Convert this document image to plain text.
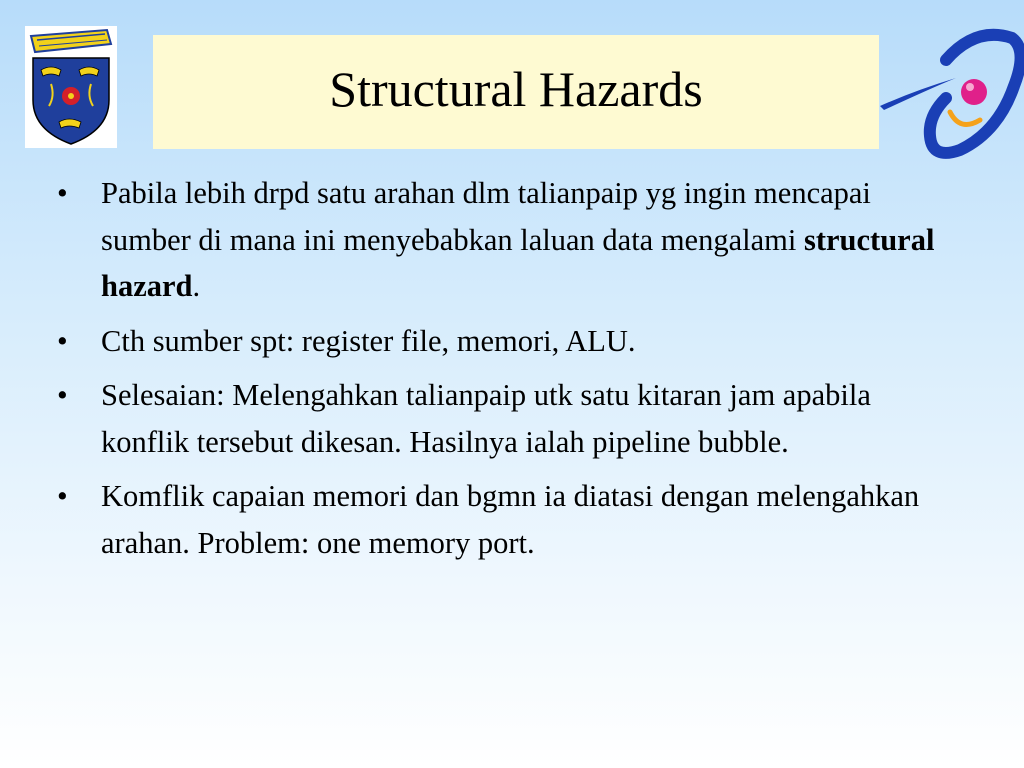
Structural Hazards
• Pabila lebih drpd satu arahan dlm talianpaip yg ingin mencapai sumber di mana ini menyebabkan laluan data mengalami structural hazard.
• Cth sumber spt: register file, memori, ALU.
• Selesaian: Melengahkan talianpaip utk satu kitaran jam apabila konflik tersebut dikesan. Hasilnya ialah pipeline bubble.
• Komflik capaian memori dan bgmn ia diatasi dengan melengahkan arahan. Problem: one memory port.
